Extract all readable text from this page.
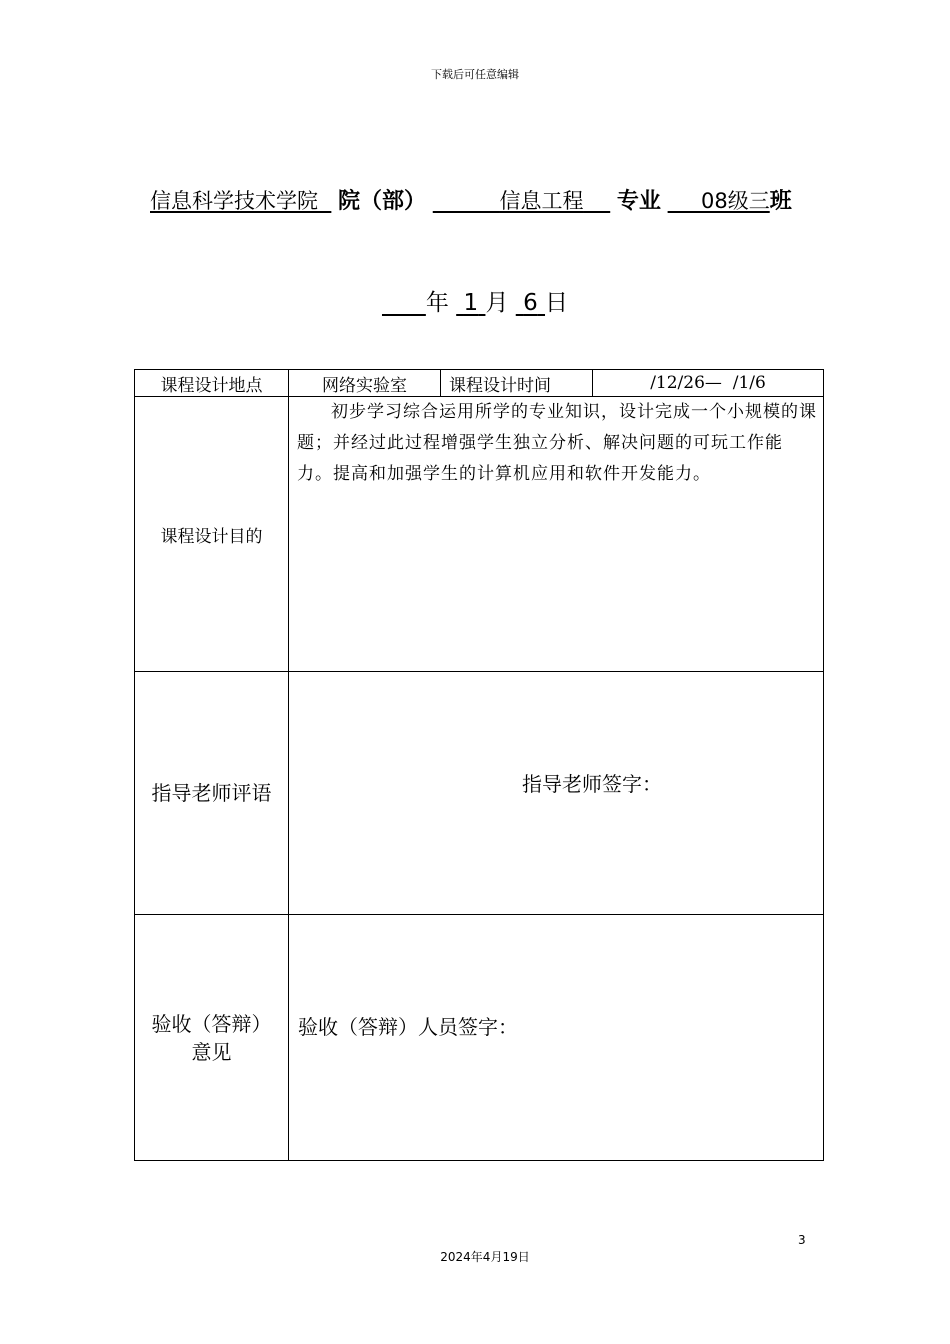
下载后可任意编辑
信息科学技术学院 院（部）	信息工程 专业 08级三班
年 1 月 6 日
课程设计地点	网络实验室	课程设计时间	/12/26—  /1/6
课程设计目的	初步学习综合运用所学的专业知识，设计完成一个小规模的课题；并经过此过程增强学生独立分析、解决问题的可玩工作能力。提高和加强学生的计算机应用和软件开发能力。		
指导老师评语	指导老师签字：		

验收（答辩）
意见	验收（答辩）人员签字：		
3
2024年4月19日
